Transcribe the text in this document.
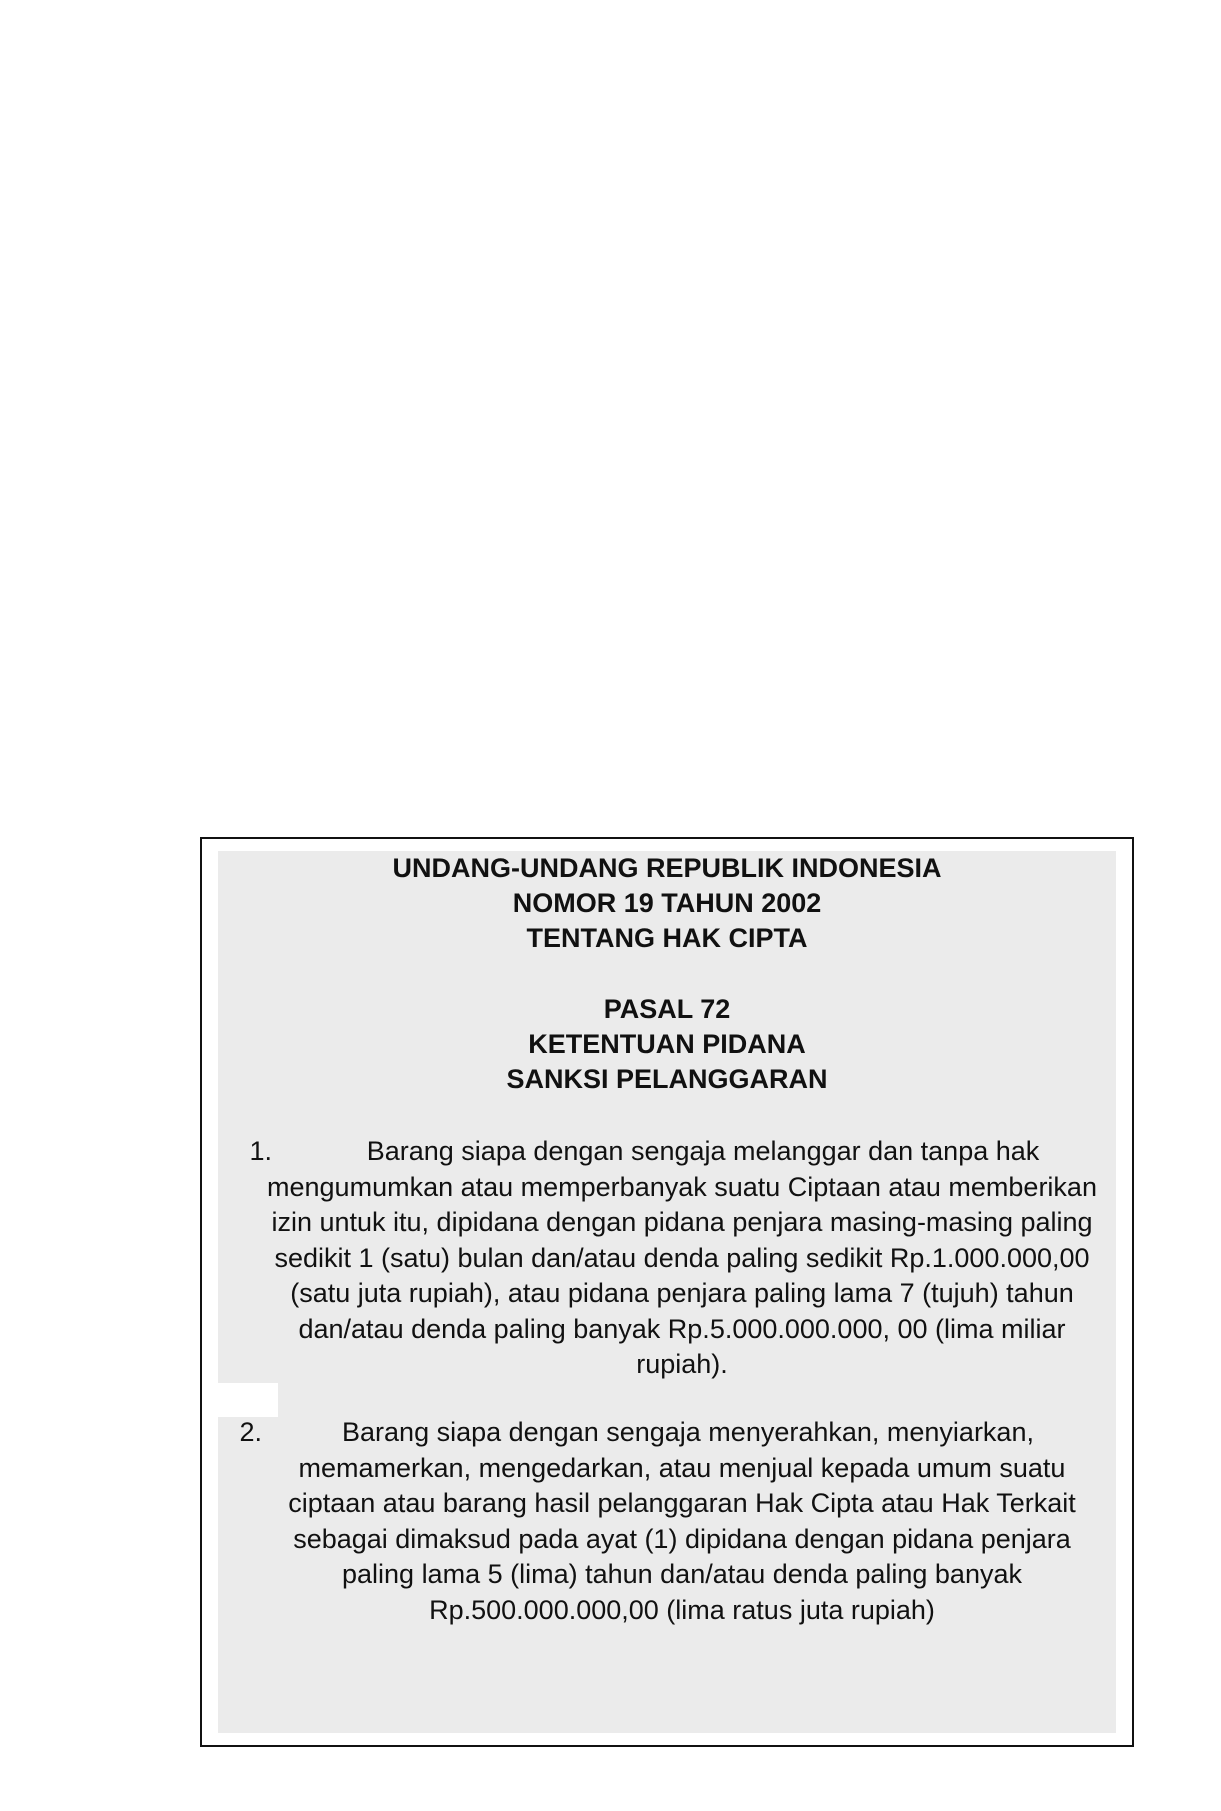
UNDANG-UNDANG REPUBLIK INDONESIA
NOMOR 19 TAHUN 2002
TENTANG HAK CIPTA
PASAL 72
KETENTUAN PIDANA
SANKSI PELANGGARAN
1.	Barang siapa dengan sengaja melanggar dan tanpa hak mengumumkan atau memperbanyak suatu Ciptaan atau memberikan izin untuk itu, dipidana dengan pidana penjara masing-masing paling sedikit 1 (satu) bulan dan/atau denda paling sedikit Rp.1.000.000,00 (satu juta rupiah), atau pidana penjara paling lama 7 (tujuh) tahun dan/atau denda paling banyak Rp.5.000.000.000, 00 (lima miliar rupiah).
2.	Barang siapa dengan sengaja menyerahkan, menyiarkan, memamerkan, mengedarkan, atau menjual kepada umum suatu ciptaan atau barang hasil pelanggaran Hak Cipta atau Hak Terkait sebagai dimaksud pada ayat (1) dipidana dengan pidana penjara paling lama 5 (lima) tahun dan/atau denda paling banyak Rp.500.000.000,00 (lima ratus juta rupiah)
